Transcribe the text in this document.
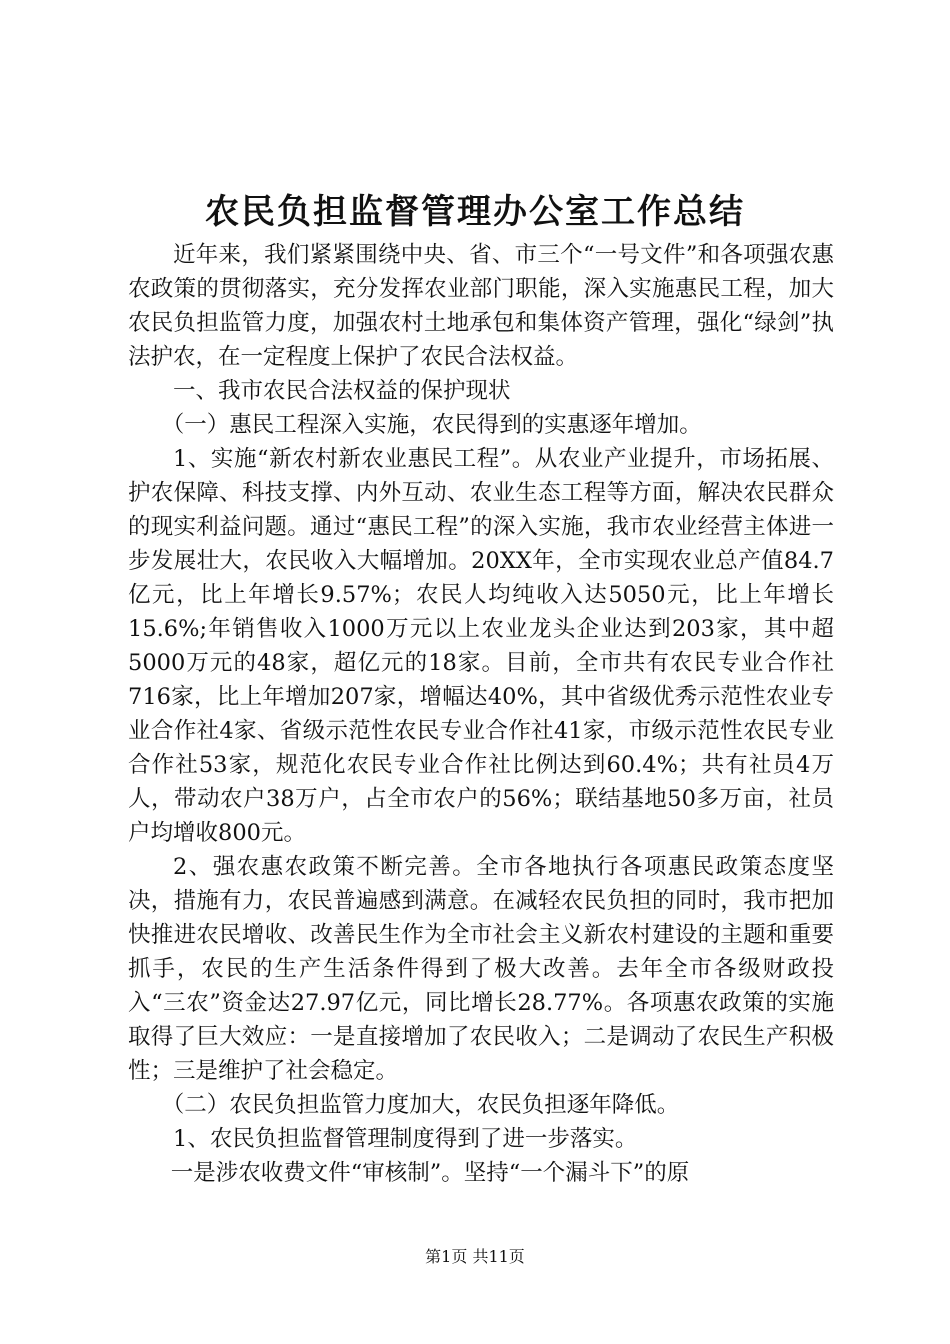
农民负担监督管理办公室工作总结

近年来，我们紧紧围绕中央、省、市三个“一号文件”和各项强农惠农政策的贯彻落实，充分发挥农业部门职能，深入实施惠民工程，加大农民负担监管力度，加强农村土地承包和集体资产管理，强化“绿剑”执法护农，在一定程度上保护了农民合法权益。

一、我市农民合法权益的保护现状

（一）惠民工程深入实施，农民得到的实惠逐年增加。

1、实施“新农村新农业惠民工程”。从农业产业提升，市场拓展、护农保障、科技支撑、内外互动、农业生态工程等方面，解决农民群众的现实利益问题。通过“惠民工程”的深入实施，我市农业经营主体进一步发展壮大，农民收入大幅增加。20XX年，全市实现农业总产值84.7亿元，比上年增长9.57%；农民人均纯收入达5050元，比上年增长15.6%;年销售收入1000万元以上农业龙头企业达到203家，其中超5000万元的48家，超亿元的18家。目前，全市共有农民专业合作社716家，比上年增加207家，增幅达40%，其中省级优秀示范性农业专业合作社4家、省级示范性农民专业合作社41家，市级示范性农民专业合作社53家，规范化农民专业合作社比例达到60.4%；共有社员4万人，带动农户38万户，占全市农户的56%；联结基地50多万亩，社员户均增收800元。

2、强农惠农政策不断完善。全市各地执行各项惠民政策态度坚决，措施有力，农民普遍感到满意。在减轻农民负担的同时，我市把加快推进农民增收、改善民生作为全市社会主义新农村建设的主题和重要抓手，农民的生产生活条件得到了极大改善。去年全市各级财政投入“三农”资金达27.97亿元，同比增长28.77%。各项惠农政策的实施取得了巨大效应：一是直接增加了农民收入；二是调动了农民生产积极性；三是维护了社会稳定。

（二）农民负担监管力度加大，农民负担逐年降低。

1、农民负担监督管理制度得到了进一步落实。

一是涉农收费文件“审核制”。坚持“一个漏斗下”的原

第1页 共11页
